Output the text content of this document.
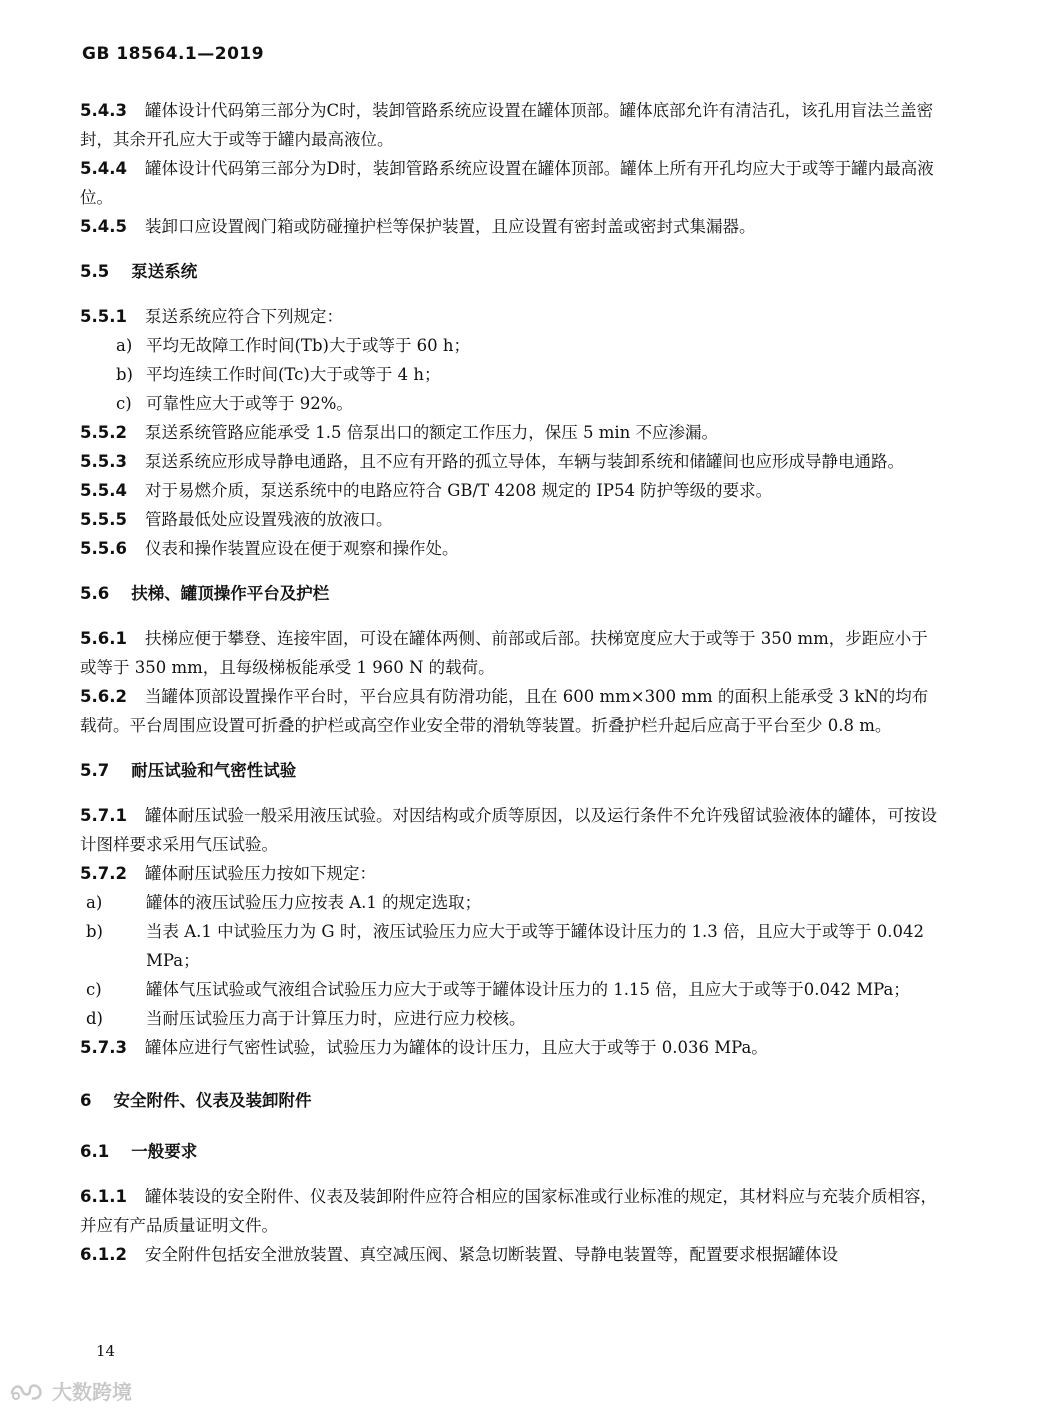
GB 18564.1—2019

5.4.3 罐体设计代码第三部分为C时，装卸管路系统应设置在罐体顶部。罐体底部允许有清洁孔，该孔用盲法兰盖密封，其余开孔应大于或等于罐内最高液位。

5.4.4 罐体设计代码第三部分为D时，装卸管路系统应设置在罐体顶部。罐体上所有开孔均应大于或等于罐内最高液位。

5.4.5 装卸口应设置阀门箱或防碰撞护栏等保护装置，且应设置有密封盖或密封式集漏器。

5.5 泵送系统

5.5.1 泵送系统应符合下列规定：

a) 平均无故障工作时间(Tb)大于或等于 60 h；

b) 平均连续工作时间(Tc)大于或等于 4 h；

c) 可靠性应大于或等于 92%。

5.5.2 泵送系统管路应能承受 1.5 倍泵出口的额定工作压力，保压 5 min 不应渗漏。

5.5.3 泵送系统应形成导静电通路，且不应有开路的孤立导体，车辆与装卸系统和储罐间也应形成导静电通路。

5.5.4 对于易燃介质，泵送系统中的电路应符合 GB/T 4208 规定的 IP54 防护等级的要求。

5.5.5 管路最低处应设置残液的放液口。

5.5.6 仪表和操作装置应设在便于观察和操作处。

5.6 扶梯、罐顶操作平台及护栏

5.6.1 扶梯应便于攀登、连接牢固，可设在罐体两侧、前部或后部。扶梯宽度应大于或等于 350 mm，步距应小于或等于 350 mm，且每级梯板能承受 1 960 N 的载荷。

5.6.2 当罐体顶部设置操作平台时，平台应具有防滑功能，且在 600 mm×300 mm 的面积上能承受 3 kN的均布载荷。平台周围应设置可折叠的护栏或高空作业安全带的滑轨等装置。折叠护栏升起后应高于平台至少 0.8 m。

5.7 耐压试验和气密性试验

5.7.1 罐体耐压试验一般采用液压试验。对因结构或介质等原因，以及运行条件不允许残留试验液体的罐体，可按设计图样要求采用气压试验。

5.7.2 罐体耐压试验压力按如下规定：

a)	罐体的液压试验压力应按表 A.1 的规定选取；

b)	当表 A.1 中试验压力为 G 时，液压试验压力应大于或等于罐体设计压力的 1.3 倍，且应大于或等于 0.042 MPa；

c)	罐体气压试验或气液组合试验压力应大于或等于罐体设计压力的 1.15 倍，且应大于或等于0.042 MPa；

d)	当耐压试验压力高于计算压力时，应进行应力校核。

5.7.3 罐体应进行气密性试验，试验压力为罐体的设计压力，且应大于或等于 0.036 MPa。

6 安全附件、仪表及装卸附件

6.1 一般要求

6.1.1 罐体装设的安全附件、仪表及装卸附件应符合相应的国家标准或行业标准的规定，其材料应与充装介质相容，并应有产品质量证明文件。

6.1.2 安全附件包括安全泄放装置、真空减压阀、紧急切断装置、导静电装置等，配置要求根据罐体设

14
大数跨境
